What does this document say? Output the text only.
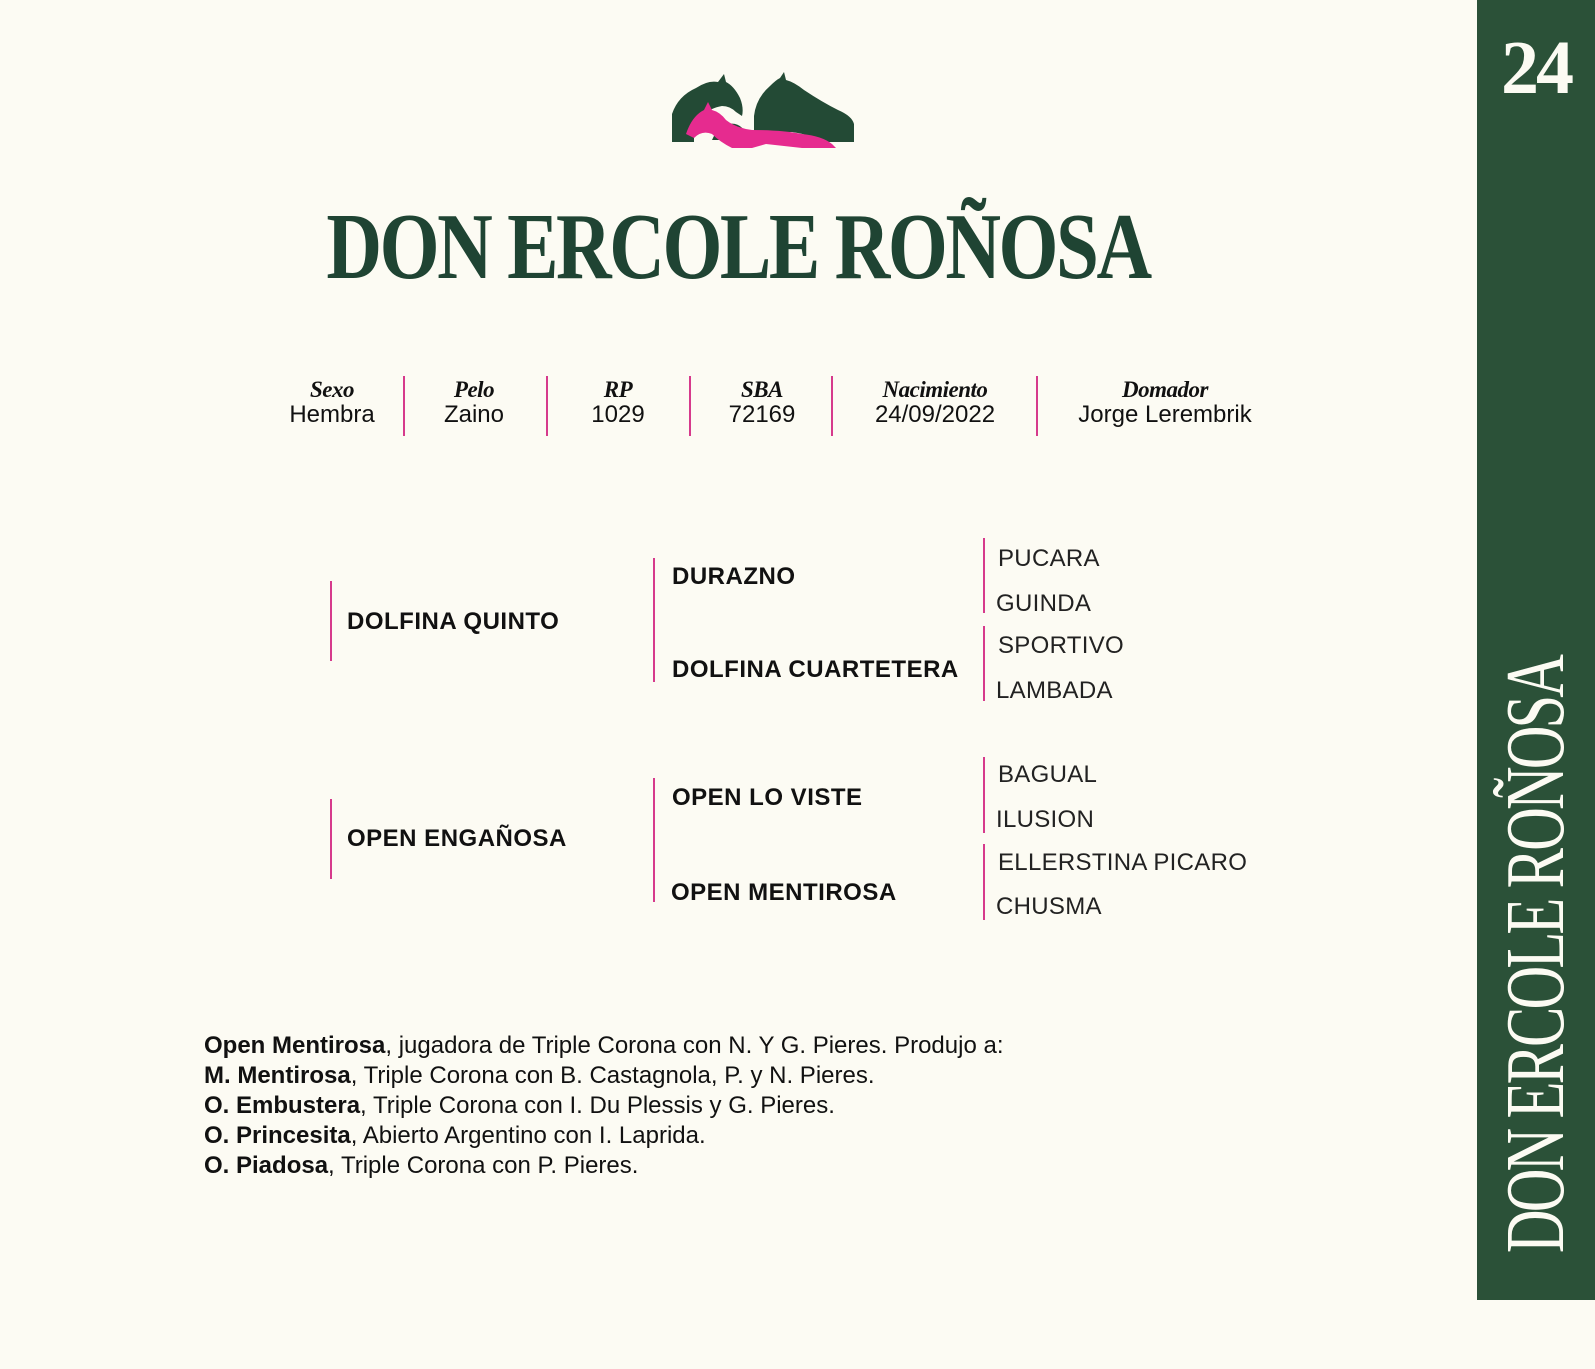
24
DON ERCOLE ROÑOSA
DON ERCOLE ROÑOSA
Sexo
Hembra
Pelo
Zaino
RP
1029
SBA
72169
Nacimiento
24/09/2022
Domador
Jorge Lerembrik
DOLFINA QUINTO
DURAZNO
DOLFINA CUARTETERA
PUCARA
GUINDA
SPORTIVO
LAMBADA
OPEN ENGAÑOSA
OPEN LO VISTE
OPEN MENTIROSA
BAGUAL
ILUSION
ELLERSTINA PICARO
CHUSMA
Open Mentirosa, jugadora de Triple Corona con N. Y G. Pieres. Produjo a:
M. Mentirosa, Triple Corona con B. Castagnola, P. y N. Pieres.
O. Embustera, Triple Corona con I. Du Plessis y G. Pieres.
O. Princesita, Abierto Argentino con I. Laprida.
O. Piadosa, Triple Corona con P. Pieres.
